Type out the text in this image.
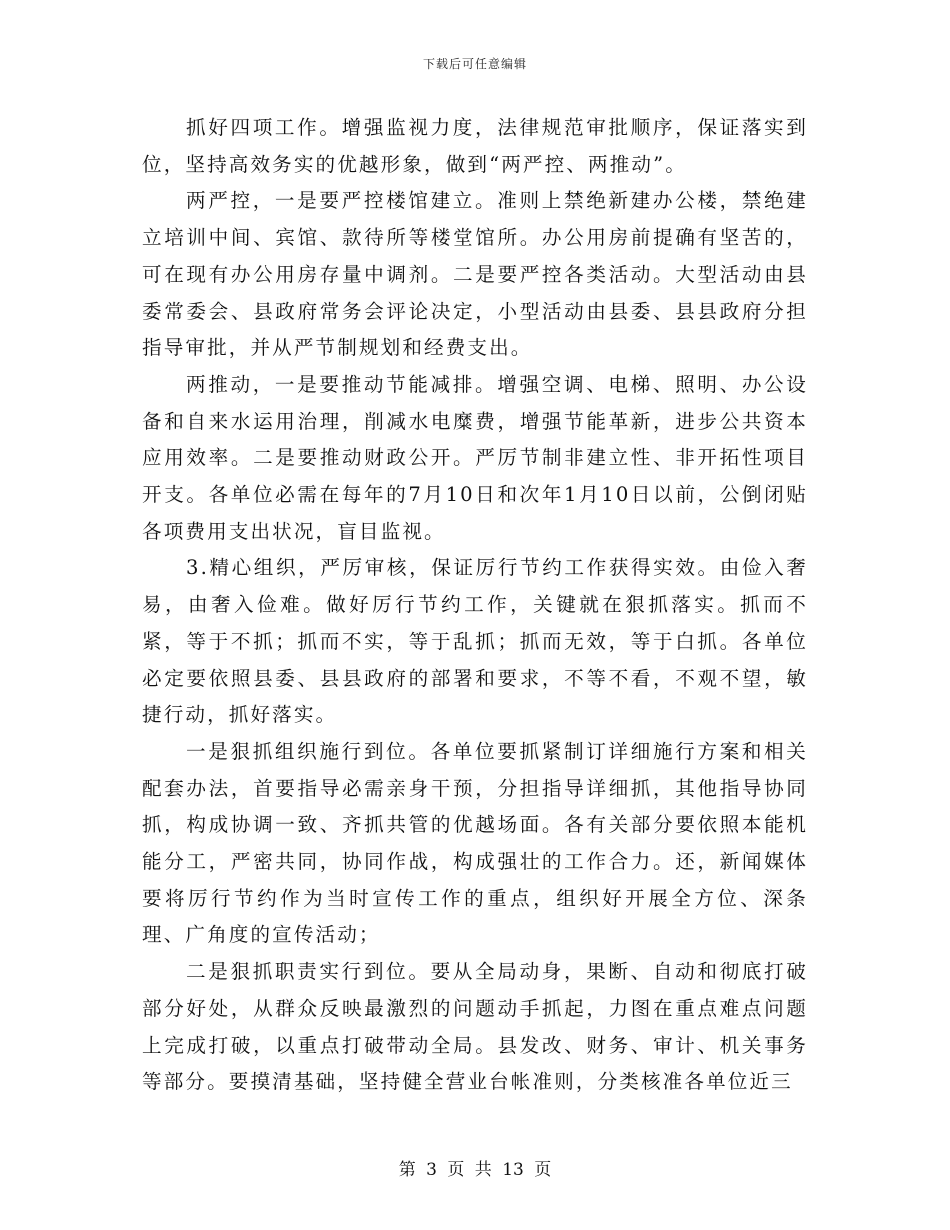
下载后可任意编辑

抓好四项工作。增强监视力度，法律规范审批顺序，保证落实到位，坚持高效务实的优越形象，做到“两严控、两推动”。

两严控，一是要严控楼馆建立。准则上禁绝新建办公楼，禁绝建立培训中间、宾馆、款待所等楼堂馆所。办公用房前提确有坚苦的，可在现有办公用房存量中调剂。二是要严控各类活动。大型活动由县委常委会、县政府常务会评论决定，小型活动由县委、县县政府分担指导审批，并从严节制规划和经费支出。

两推动，一是要推动节能减排。增强空调、电梯、照明、办公设备和自来水运用治理，削减水电糜费，增强节能革新，进步公共资本应用效率。二是要推动财政公开。严厉节制非建立性、非开拓性项目开支。各单位必需在每年的7月10日和次年1月10日以前，公倒闭贴各项费用支出状况，盲目监视。

3.精心组织，严厉审核，保证厉行节约工作获得实效。由俭入奢易，由奢入俭难。做好厉行节约工作，关键就在狠抓落实。抓而不紧，等于不抓；抓而不实，等于乱抓；抓而无效，等于白抓。各单位必定要依照县委、县县政府的部署和要求，不等不看，不观不望，敏捷行动，抓好落实。

一是狠抓组织施行到位。各单位要抓紧制订详细施行方案和相关配套办法，首要指导必需亲身干预，分担指导详细抓，其他指导协同抓，构成协调一致、齐抓共管的优越场面。各有关部分要依照本能机能分工，严密共同，协同作战，构成强壮的工作合力。还，新闻媒体要将厉行节约作为当时宣传工作的重点，组织好开展全方位、深条理、广角度的宣传活动；

二是狠抓职责实行到位。要从全局动身，果断、自动和彻底打破部分好处，从群众反映最激烈的问题动手抓起，力图在重点难点问题上完成打破，以重点打破带动全局。县发改、财务、审计、机关事务等部分。要摸清基础，坚持健全营业台帐准则，分类核准各单位近三

第 3 页 共 13 页
